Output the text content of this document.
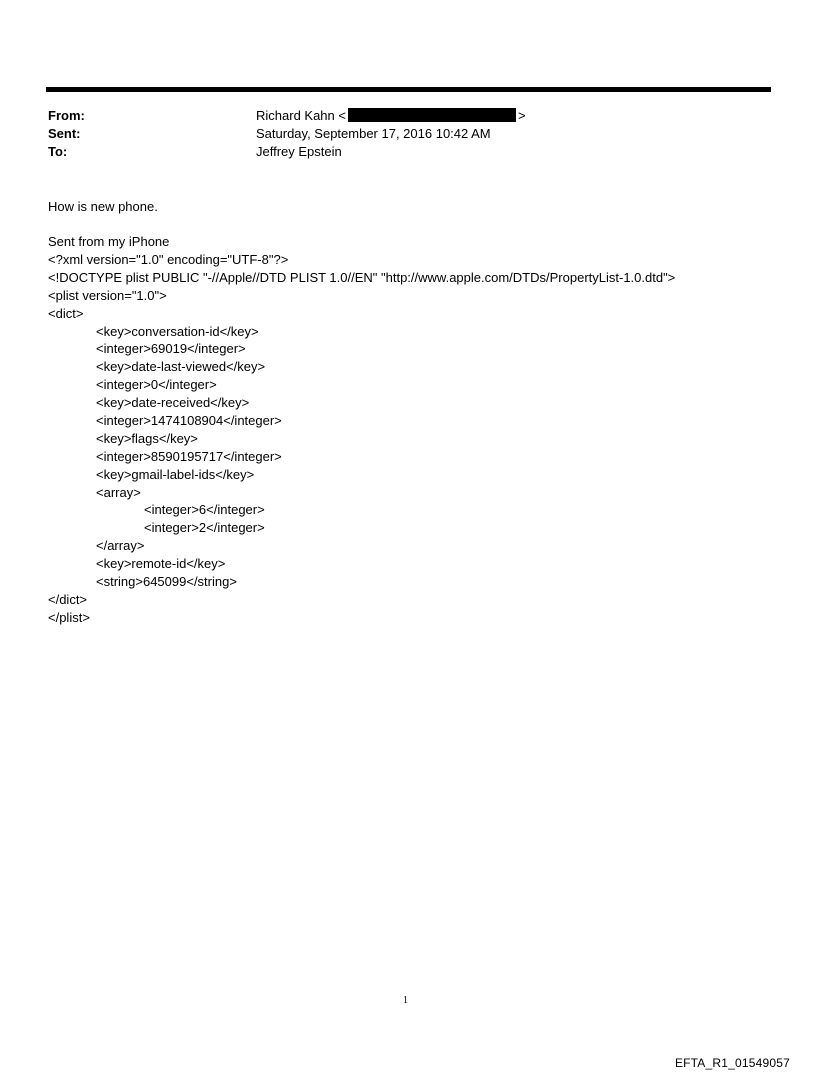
From:	Richard Kahn <	>
Sent:	Saturday, September 17, 2016 10:42 AM
To:	Jeffrey Epstein
How is new phone.
Sent from my iPhone
<?xml version="1.0" encoding="UTF-8"?>
<!DOCTYPE plist PUBLIC "-//Apple//DTD PLIST 1.0//EN" "http://www.apple.com/DTDs/PropertyList-1.0.dtd">
<plist version="1.0">
<dict>
<key>conversation-id</key>
<integer>69019</integer>
<key>date-last-viewed</key>
<integer>0</integer>
<key>date-received</key>
<integer>1474108904</integer>
<key>flags</key>
<integer>8590195717</integer>
<key>gmail-label-ids</key>
<array>
<integer>6</integer>
<integer>2</integer>
</array>
<key>remote-id</key>
<string>645099</string>
</dict>
</plist>
1
EFTA_R1_01549057
